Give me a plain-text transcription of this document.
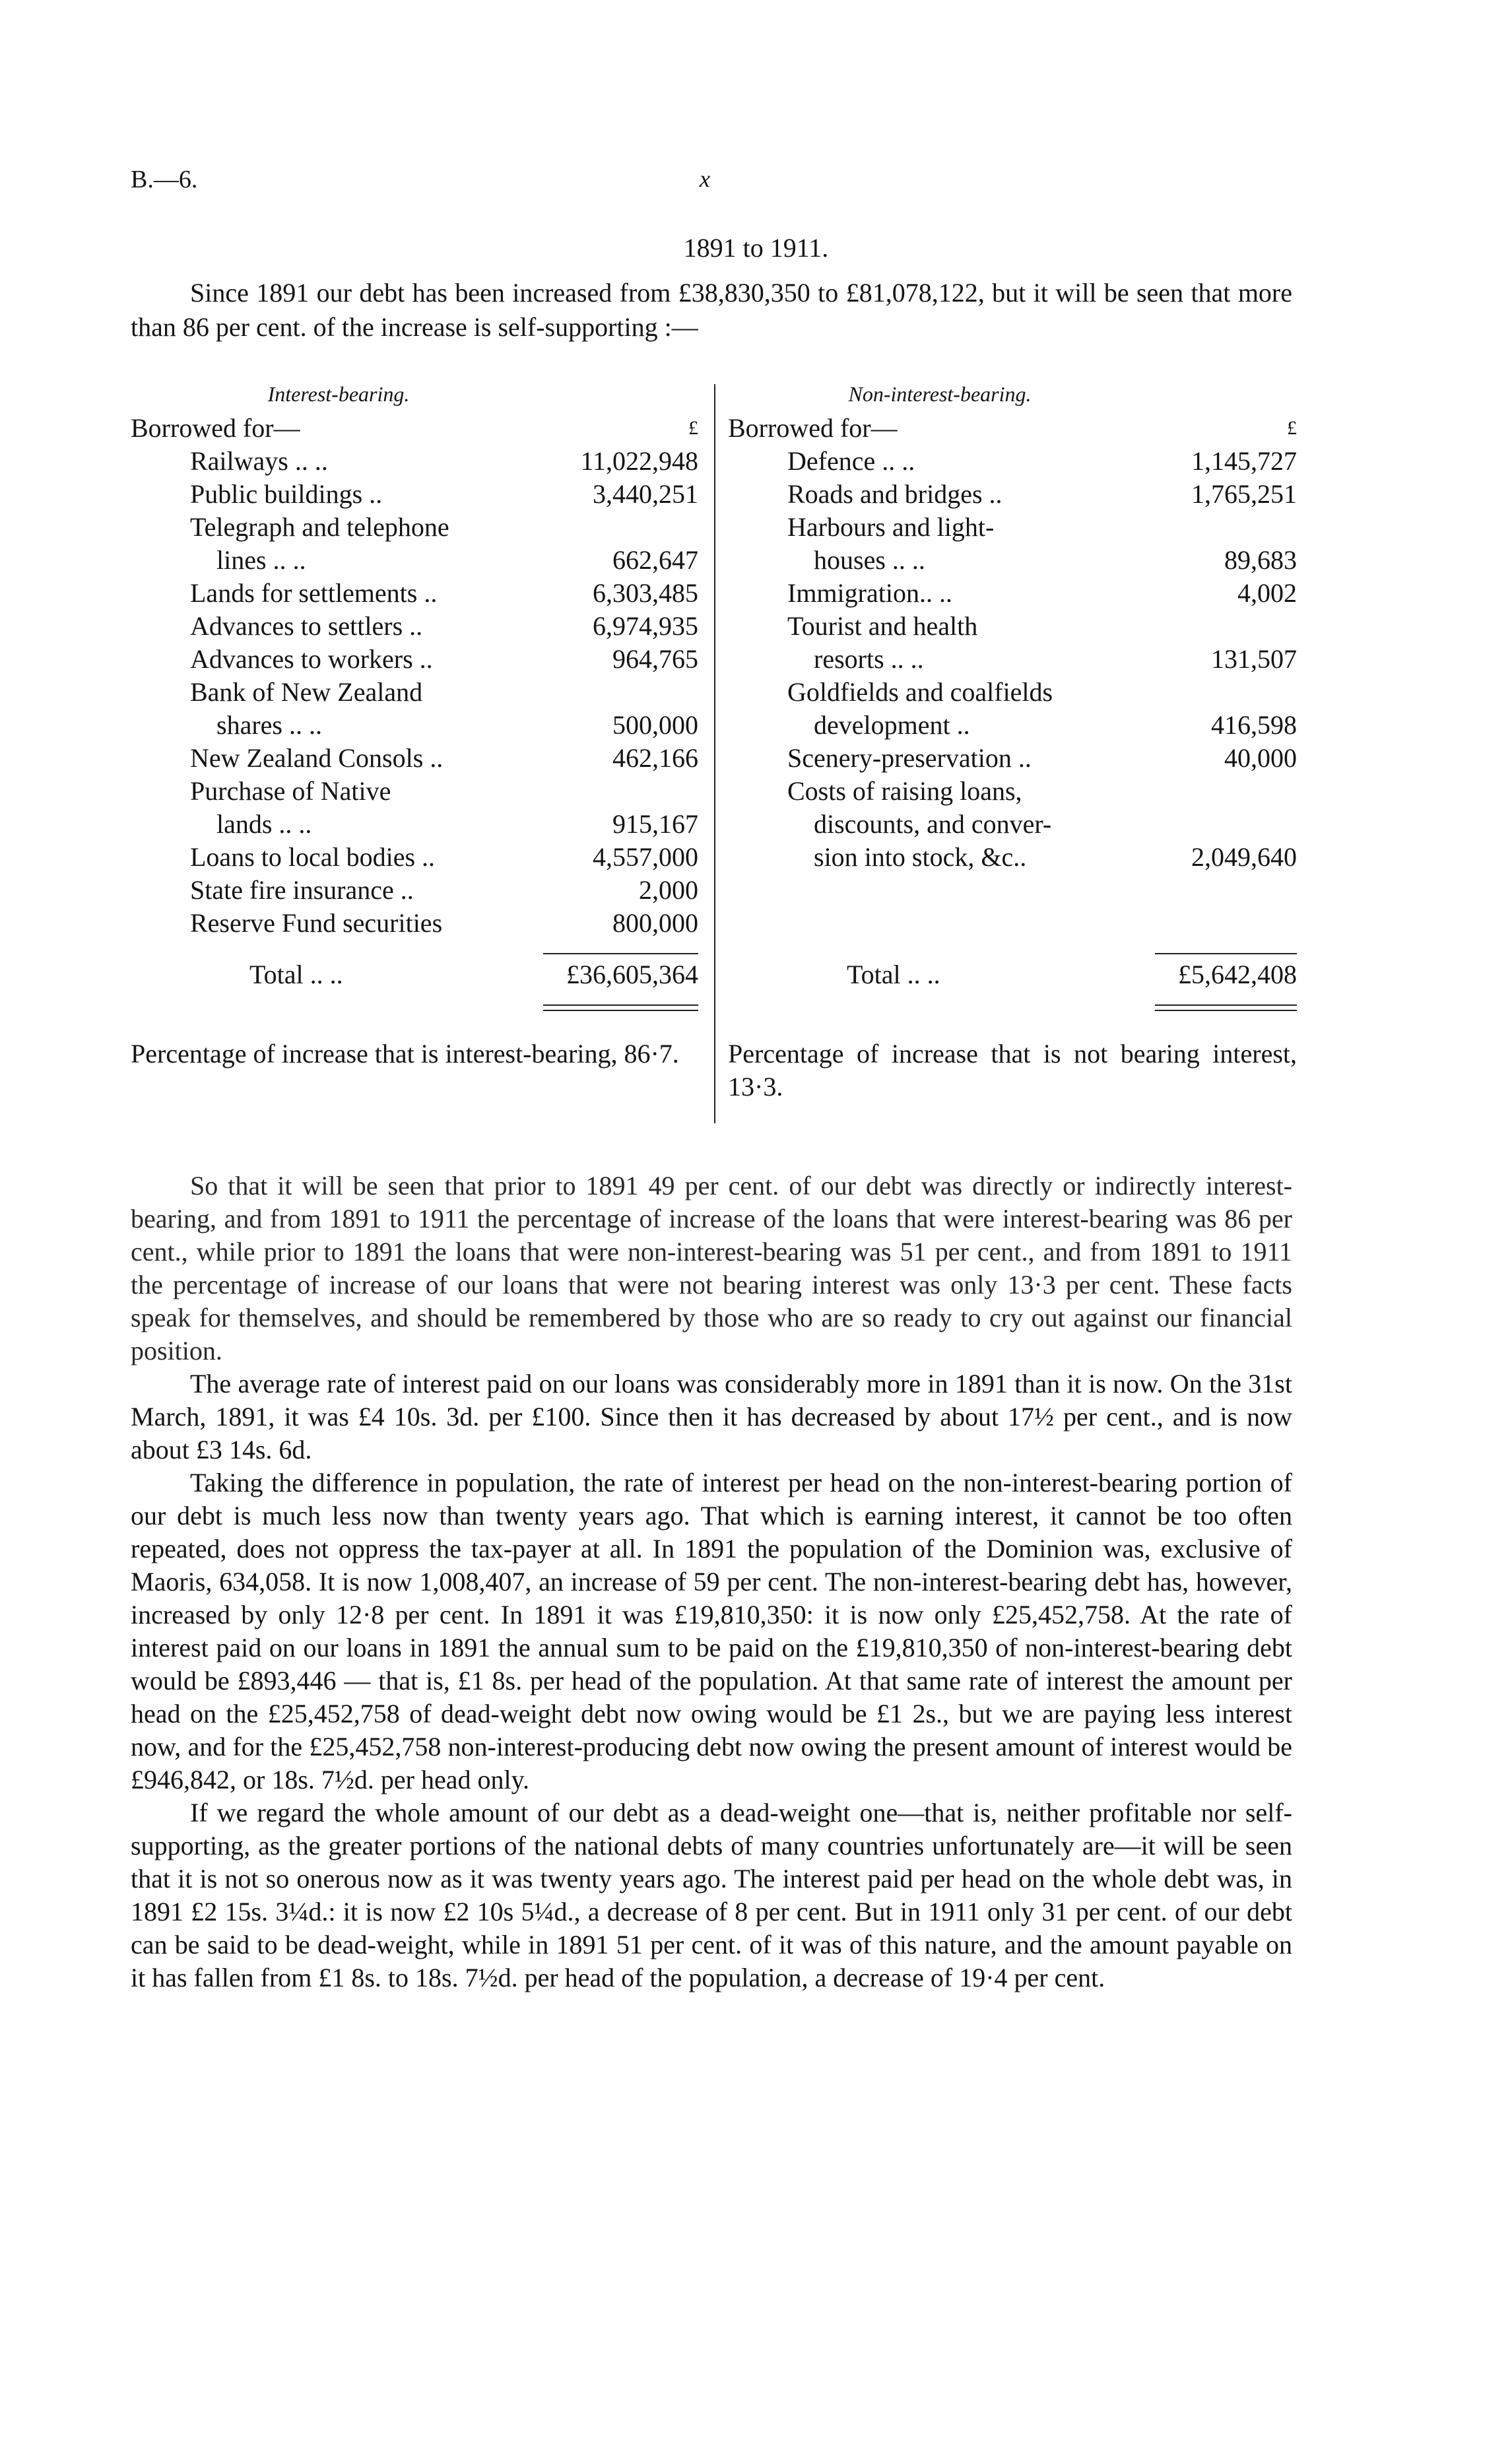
B.—6.	x
1891 to 1911.

Since 1891 our debt has been increased from £38,830,350 to £81,078,122, but it will be seen that more than 86 per cent. of the increase is self-supporting :—

Interest-bearing.
Borrowed for—	£
Railways .. ..	11,022,948
Public buildings ..	3,440,251
Telegraph and telephone
lines .. ..	662,647
Lands for settlements ..	6,303,485
Advances to settlers ..	6,974,935
Advances to workers ..	964,765
Bank of New Zealand
shares .. ..	500,000
New Zealand Consols ..	462,166
Purchase of Native
lands .. ..	915,167
Loans to local bodies ..	4,557,000
State fire insurance ..	2,000
Reserve Fund securities	800,000
Total .. ..	£36,605,364
Percentage of increase that is interest-bearing, 86·7.
Non-interest-bearing.
Borrowed for—	£
Defence .. ..	1,145,727
Roads and bridges ..	1,765,251
Harbours and light-
houses .. ..	89,683
Immigration.. ..	4,002
Tourist and health
resorts .. ..	131,507
Goldfields and coalfields
development ..	416,598
Scenery-preservation ..	40,000
Costs of raising loans,
discounts, and conver-
sion into stock, &c..	2,049,640
Total .. ..	£5,642,408
Percentage of increase that is not bearing interest, 13·3.

So that it will be seen that prior to 1891 49 per cent. of our debt was directly or indirectly interest-bearing, and from 1891 to 1911 the percentage of increase of the loans that were interest-bearing was 86 per cent., while prior to 1891 the loans that were non-interest-bearing was 51 per cent., and from 1891 to 1911 the percentage of increase of our loans that were not bearing interest was only 13·3 per cent. These facts speak for themselves, and should be remembered by those who are so ready to cry out against our financial position.

The average rate of interest paid on our loans was considerably more in 1891 than it is now. On the 31st March, 1891, it was £4 10s. 3d. per £100. Since then it has decreased by about 17½ per cent., and is now about £3 14s. 6d.

Taking the difference in population, the rate of interest per head on the non-interest-bearing portion of our debt is much less now than twenty years ago. That which is earning interest, it cannot be too often repeated, does not oppress the tax-payer at all. In 1891 the population of the Dominion was, exclusive of Maoris, 634,058. It is now 1,008,407, an increase of 59 per cent. The non-interest-bearing debt has, however, increased by only 12·8 per cent. In 1891 it was £19,810,350: it is now only £25,452,758. At the rate of interest paid on our loans in 1891 the annual sum to be paid on the £19,810,350 of non-interest-bearing debt would be £893,446 — that is, £1 8s. per head of the population. At that same rate of interest the amount per head on the £25,452,758 of dead-weight debt now owing would be £1 2s., but we are paying less interest now, and for the £25,452,758 non-interest-producing debt now owing the present amount of interest would be £946,842, or 18s. 7½d. per head only.

If we regard the whole amount of our debt as a dead-weight one—that is, neither profitable nor self-supporting, as the greater portions of the national debts of many countries unfortunately are—it will be seen that it is not so onerous now as it was twenty years ago. The interest paid per head on the whole debt was, in 1891 £2 15s. 3¼d.: it is now £2 10s 5¼d., a decrease of 8 per cent. But in 1911 only 31 per cent. of our debt can be said to be dead-weight, while in 1891 51 per cent. of it was of this nature, and the amount payable on it has fallen from £1 8s. to 18s. 7½d. per head of the population, a decrease of 19·4 per cent.
